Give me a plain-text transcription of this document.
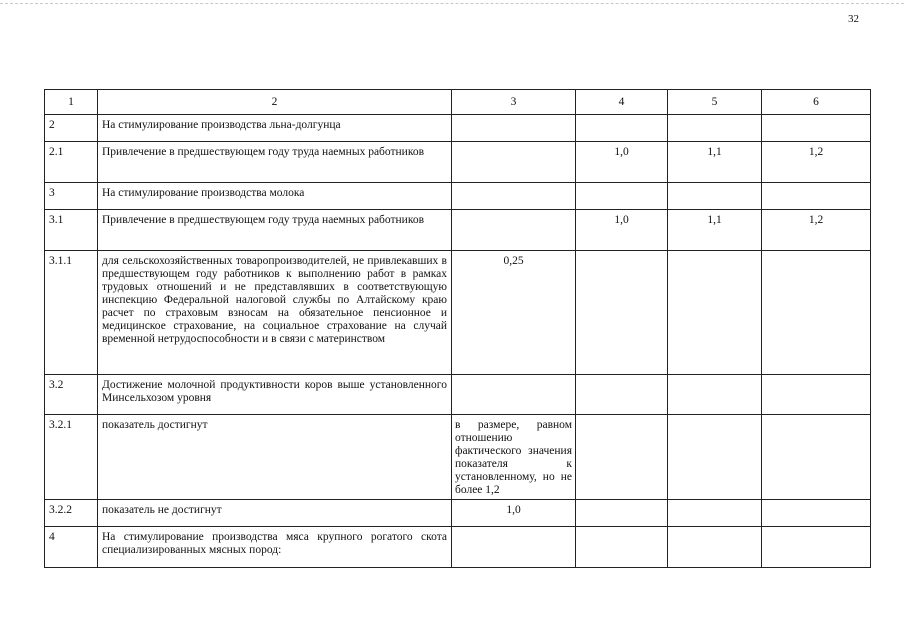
32
1	2	3	4	5	6
2	На стимулирование производства льна-долгунца				
2.1	Привлечение в предшествующем году труда наемных работников		1,0	1,1	1,2
3	На стимулирование производства молока				
3.1	Привлечение в предшествующем году труда наемных работников		1,0	1,1	1,2
3.1.1	для сельскохозяйственных товаропроизводителей, не привлекавших в предшествующем году работников к выполнению работ в рамках трудовых отношений и не представлявших в соответствующую инспекцию Федеральной налоговой службы по Алтайскому краю расчет по страховым взносам на обязательное пенсионное и медицинское страхование, на социальное страхование на случай временной нетрудоспособности и в связи с материнством	0,25			
3.2	Достижение молочной продуктивности коров выше установленного Минсельхозом уровня				
3.2.1	показатель достигнут	в размере, равном отношению фактического значения показателя к установленному, но не более 1,2			
3.2.2	показатель не достигнут	1,0			
4	На стимулирование производства мяса крупного рогатого скота специализированных мясных пород:				
